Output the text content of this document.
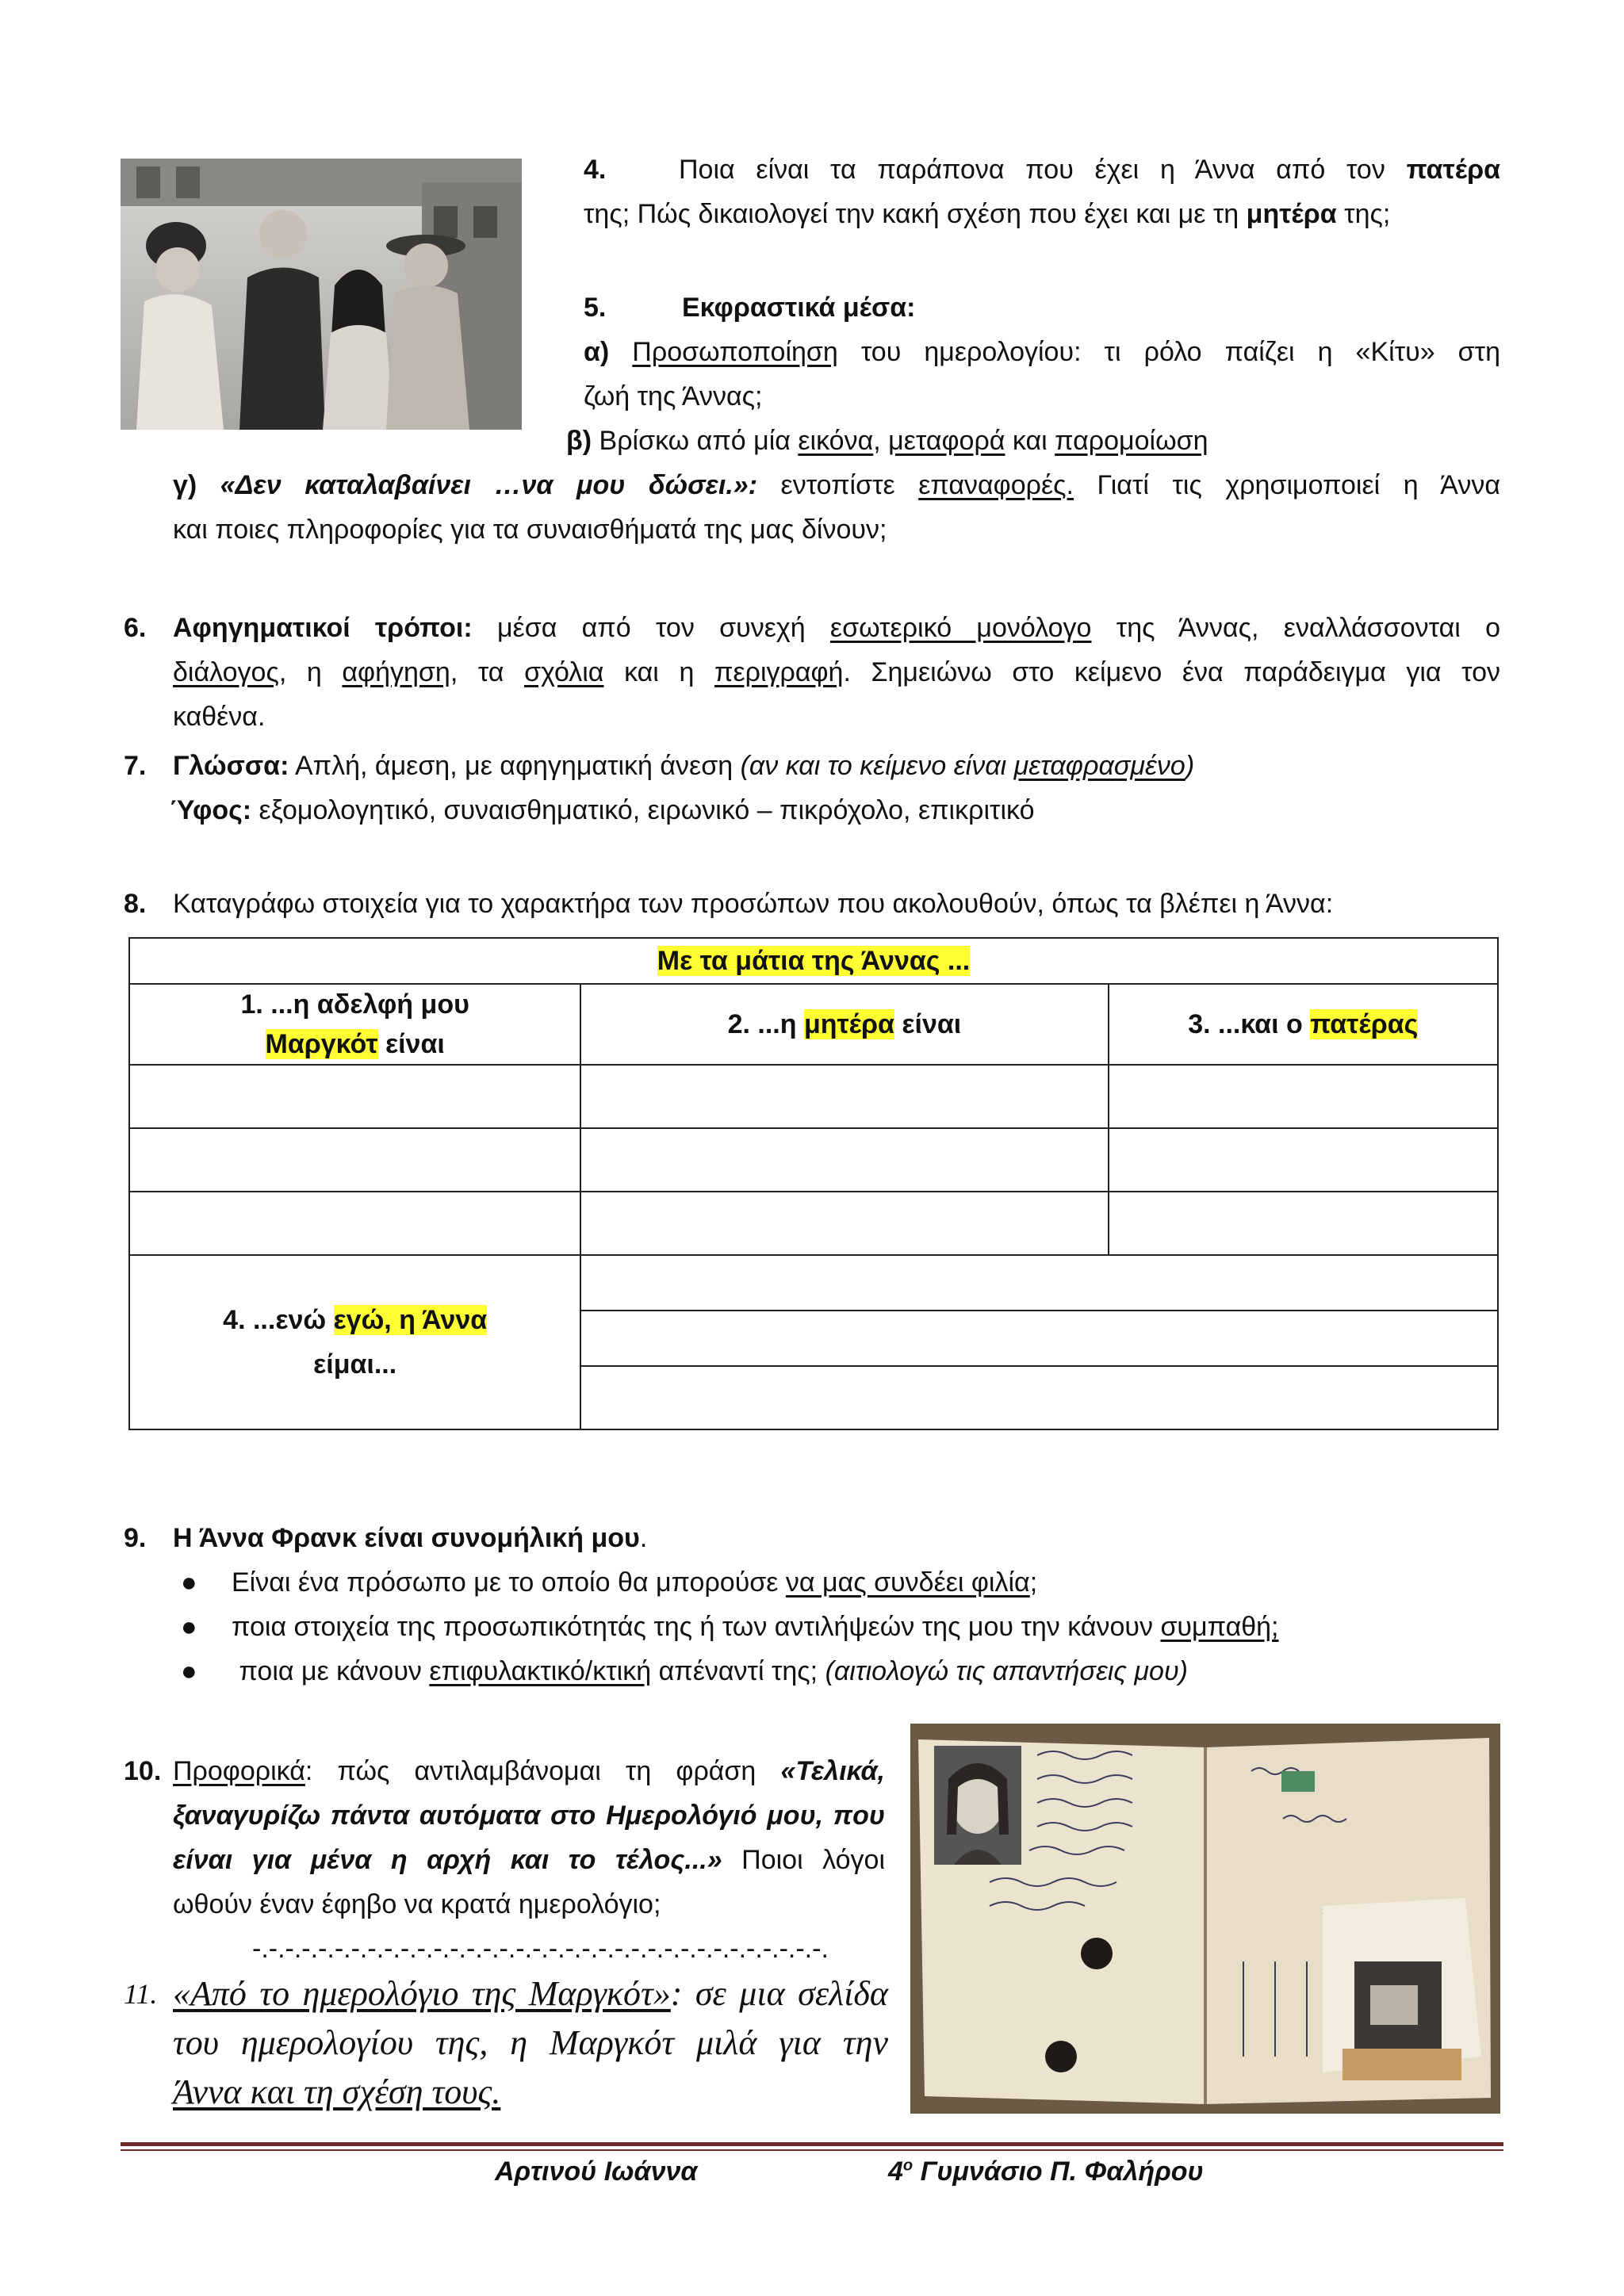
4.	Ποια είναι τα παράπονα που έχει η Άννα από τον πατέρα
της; Πώς δικαιολογεί την κακή σχέση που έχει και με τη μητέρα της;
5.	Εκφραστικά μέσα:
α) Προσωποποίηση του ημερολογίου: τι ρόλο παίζει η «Κίτυ» στη
ζωή της Άννας;
β) Βρίσκω από μία εικόνα, μεταφορά και παρομοίωση
γ) «Δεν καταλαβαίνει …να μου δώσει.»: εντοπίστε επαναφορές. Γιατί τις χρησιμοποιεί η Άννα
και ποιες πληροφορίες για τα συναισθήματά της μας δίνουν;
6. Αφηγηματικοί τρόποι: μέσα από τον συνεχή εσωτερικό μονόλογο της Άννας, εναλλάσσονται ο
διάλογος, η αφήγηση, τα σχόλια και η περιγραφή. Σημειώνω στο κείμενο ένα παράδειγμα για τον
καθένα.
7. Γλώσσα: Απλή, άμεση, με αφηγηματική άνεση (αν και το κείμενο είναι μεταφρασμένο)
Ύφος: εξομολογητικό, συναισθηματικό, ειρωνικό – πικρόχολο, επικριτικό
8. Καταγράφω στοιχεία για το χαρακτήρα των προσώπων που ακολουθούν, όπως τα βλέπει η Άννα:
Με τα μάτια της Άννας ...		

1. ...η αδελφή μου
Μαργκότ είναι	2. ...η μητέρα είναι	3. ...και ο πατέρας

4. ...ενώ εγώ, η Άννα
είμαι...		

9. Η Άννα Φρανκ είναι συνομήλική μου.
● Είναι ένα πρόσωπο με το οποίο θα μπορούσε να μας συνδέει φιλία;
● ποια στοιχεία της προσωπικότητάς της ή των αντιλήψεών της μου την κάνουν συμπαθή;
● ποια με κάνουν επιφυλακτικό/κτική απέναντί της; (αιτιολογώ τις απαντήσεις μου)
10. Προφορικά: πώς αντιλαμβάνομαι τη φράση «Τελικά,
ξαναγυρίζω πάντα αυτόματα στο Ημερολόγιό μου, που
είναι για μένα η αρχή και το τέλος...» Ποιοι λόγοι
ωθούν έναν έφηβο να κρατά ημερολόγιο;
-.-.-.-.-.-.-.-.-.-.-.-.-.-.-.-.-.-.-.-.-.-.-.-.-.-.-.-.-.-.-.-.-.-.-.
11. «Από το ημερολόγιο της Μαργκότ»: σε μια σελίδα
του ημερολογίου της, η Μαργκότ μιλά για την
Άννα και τη σχέση τους.
Αρτινού Ιωάννα	$4^o$ Γυμνάσιο Π. Φαλήρου
